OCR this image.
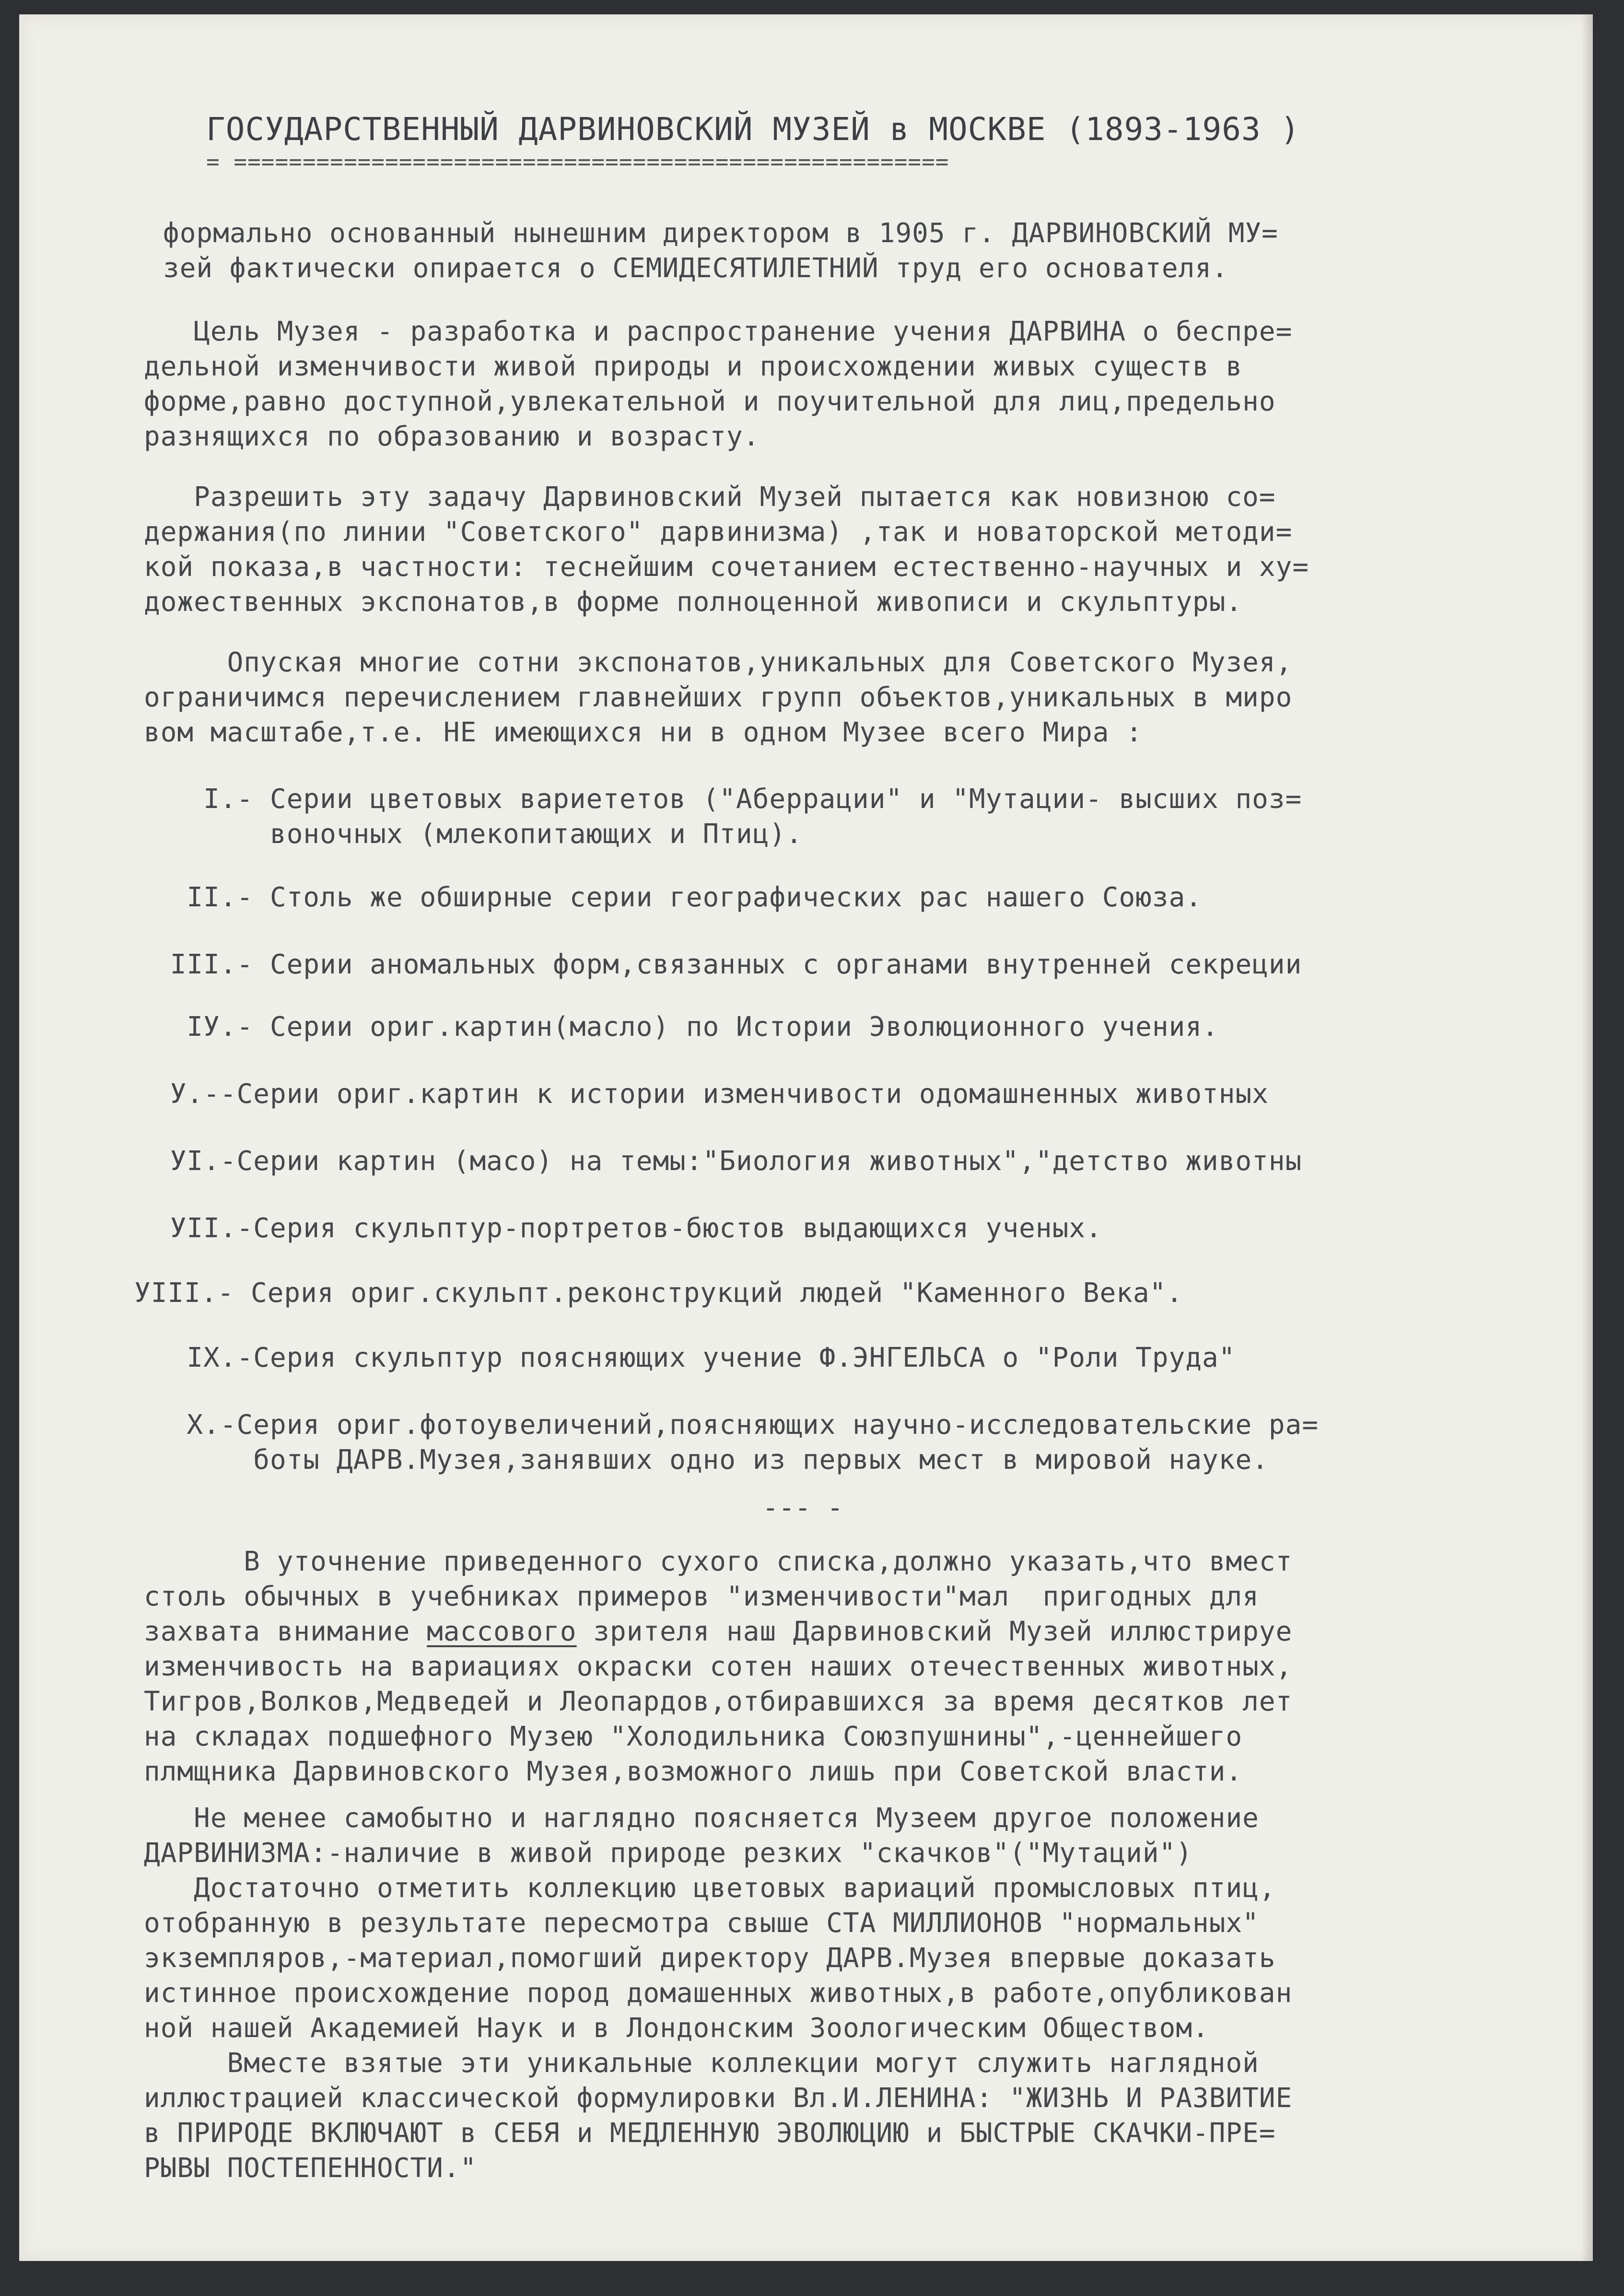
ГОСУДАРСТВЕННЫЙ ДАРВИНОВСКИЙ МУЗЕЙ в МОСКВЕ (1893-1963 )
= ====================================================
формально основанный нынешним директором в 1905 г. ДАРВИНОВСКИЙ МУ=
зей фактически опирается о СЕМИДЕСЯТИЛЕТНИЙ труд его основателя.
Цель Музея - разработка и распространение учения ДАРВИНА о беспре=
дельной изменчивости живой природы и происхождении живых существ в
форме,равно доступной,увлекательной и поучительной для лиц,предельно
разнящихся по образованию и возрасту.
Разрешить эту задачу Дарвиновский Музей пытается как новизною со=
держания(по линии "Советского" дарвинизма) ,так и новаторской методи=
кой показа,в частности: теснейшим сочетанием естественно-научных и ху=
дожественных экспонатов,в форме полноценной живописи и скульптуры.
Опуская многие сотни экспонатов,уникальных для Советского Музея,
ограничимся перечислением главнейших групп объектов,уникальных в миро
вом масштабе,т.е. НЕ имеющихся ни в одном Музее всего Мира :
I.- Серии цветовых вариететов ("Аберрации" и "Мутации- высших поз=
воночных (млекопитающих и Птиц).
II.- Столь же обширные серии географических рас нашего Союза.
III.- Серии аномальных форм,связанных с органами внутренней секреции
IУ.- Серии ориг.картин(масло) по Истории Эволюционного учения.
У.--Серии ориг.картин к истории изменчивости одомашненных животных
УI.-Серии картин (масо) на темы:"Биология животных","детство животны
УII.-Серия скульптур-портретов-бюстов выдающихся ученых.
УIII.- Серия ориг.скульпт.реконструкций людей "Каменного Века".
IХ.-Серия скульптур поясняющих учение Ф.ЭНГЕЛЬСА о "Роли Труда"
Х.-Серия ориг.фотоувеличений,поясняющих научно-исследовательские ра=
боты ДАРВ.Музея,занявших одно из первых мест в мировой науке.
--- -
В уточнение приведенного сухого списка,должно указать,что вмест
столь обычных в учебниках примеров "изменчивости"мал  пригодных для
захвата внимание массового зрителя наш Дарвиновский Музей иллюстрируе
изменчивость на вариациях окраски сотен наших отечественных животных,
Тигров,Волков,Медведей и Леопардов,отбиравшихся за время десятков лет
на складах подшефного Музею "Холодильника Союзпушнины",-ценнейшего
плмщника Дарвиновского Музея,возможного лишь при Советской власти.
Не менее самобытно и наглядно поясняется Музеем другое положение
ДАРВИНИЗМА:-наличие в живой природе резких "скачков"("Мутаций")
Достаточно отметить коллекцию цветовых вариаций промысловых птиц,
отобранную в результате пересмотра свыше СТА МИЛЛИОНОВ "нормальных"
экземпляров,-материал,помогший директору ДАРВ.Музея впервые доказать
истинное происхождение пород домашенных животных,в работе,опубликован
ной нашей Академией Наук и в Лондонским Зоологическим Обществом.
Вместе взятые эти уникальные коллекции могут служить наглядной
иллюстрацией классической формулировки Вл.И.ЛЕНИНА: "ЖИЗНЬ И РАЗВИТИЕ
в ПРИРОДЕ ВКЛЮЧАЮТ в СЕБЯ и МЕДЛЕННУЮ ЭВОЛЮЦИЮ и БЫСТРЫЕ СКАЧКИ-ПРЕ=
РЫВЫ ПОСТЕПЕННОСТИ."
